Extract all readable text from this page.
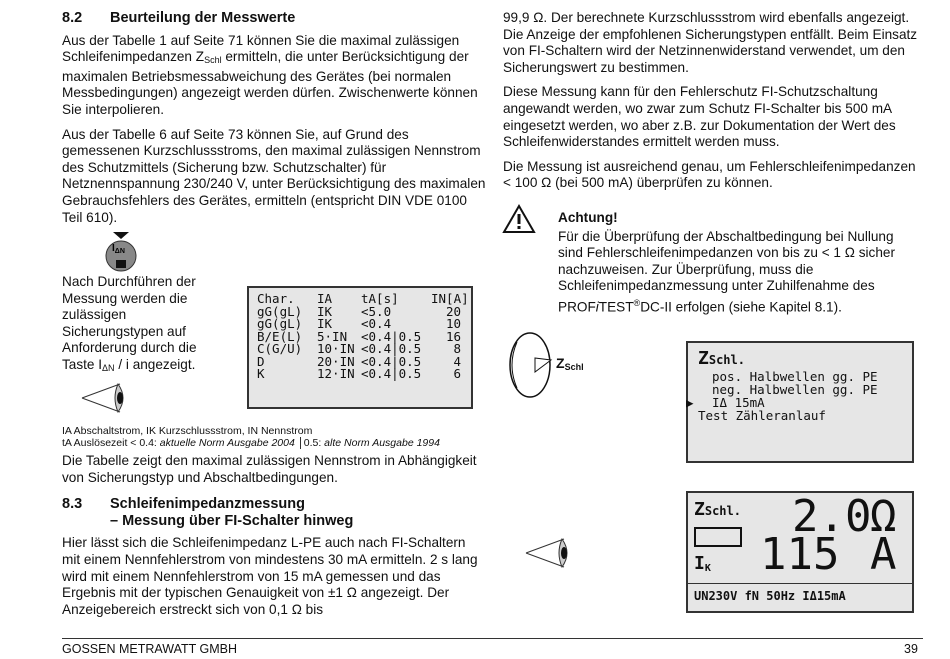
8.2	Beurteilung der Messwerte

Aus der Tabelle 1 auf Seite 71 können Sie die maximal zulässigen Schleifenimpedanzen $Z_{Schl}$ ermitteln, die unter Berücksichtigung der maximalen Betriebsmessabweichung des Gerätes (bei normalen Messbedingungen) angezeigt werden dürfen. Zwischenwerte können Sie interpolieren.

Aus der Tabelle 6 auf Seite 73 können Sie, auf Grund des gemessenen Kurzschlussstroms, den maximal zulässigen Nennstrom des Schutzmittels (Sicherung bzw. Schutzschalter) für Netznennspannung 230/240 V, unter Berücksichtigung des maximalen Gebrauchsfehlers des Gerätes, ermitteln (entspricht DIN VDE 0100 Teil 610).

$I_{\Delta N}$

Nach Durchführen der Messung werden die zulässigen Sicherungstypen auf Anforderung durch die Taste $I_{\Delta N}$ / i angezeigt.

Char.	IA	tA[s]	IN[A]
gG(gL)	IK	<5.0	20
gG(gL)	IK	<0.4	10
B/E(L)	5·IN	<0.4|0.5	16
C(G/U)	10·IN <0.4|0.5	8
D	20·IN <0.4|0.5	4
K	12·IN <0.4|0.5	6
IA Abschaltstrom, IK Kurzschlussstrom, IN Nennstrom
tA Auslösezeit < 0.4: aktuelle Norm Ausgabe 2004 0.5: alte Norm Ausgabe 1994

Die Tabelle zeigt den maximal zulässigen Nennstrom in Abhängigkeit von Sicherungstyp und Abschaltbedingungen.

8.3	Schleifenimpedanzmessung
– Messung über FI-Schalter hinweg

Hier lässt sich die Schleifenimpedanz L-PE auch nach FI-Schaltern mit einem Nennfehlerstrom von mindestens 30 mA ermitteln. 2 s lang wird mit einem Nennfehlerstrom von 15 mA gemessen und das Ergebnis mit der typischen Genauigkeit von ±1 Ω angezeigt. Der Anzeigebereich erstreckt sich von 0,1 Ω bis

99,9 Ω. Der berechnete Kurzschlussstrom wird ebenfalls angezeigt. Die Anzeige der empfohlenen Sicherungstypen entfällt. Beim Einsatz von FI-Schaltern wird der Netzinnenwiderstand verwendet, um den Sicherungswert zu bestimmen.

Diese Messung kann für den Fehlerschutz FI-Schutzschaltung angewandt werden, wo zwar zum Schutz FI-Schalter bis 500 mA eingesetzt werden, wo aber z.B. zur Dokumentation der Wert des Schleifenwiderstandes ermittelt werden muss.

Die Messung ist ausreichend genau, um Fehlerschleifenimpedanzen < 100 Ω (bei 500 mA) überprüfen zu können.

Achtung!
Für die Überprüfung der Abschaltbedingung bei Nullung sind Fehlerschleifenimpedanzen von bis zu < 1 Ω sicher nachzuweisen. Zur Überprüfung, muss die Schleifenimpedanzmessung unter Zuhilfenahme des PROFiTEST®DC-II erfolgen (siehe Kapitel 8.1).
$Z_{Schl}$	ZSchl.
pos. Halbwellen gg. PE
neg. Halbwellen gg. PE
▶ IΔ 15mA
Test Zähleranlauf
ZSchl. 2.0
Ω
$I_K$ 115 A
UN230V fN 50Hz IΔ15mA
GOSSEN METRAWATT GMBH	39
